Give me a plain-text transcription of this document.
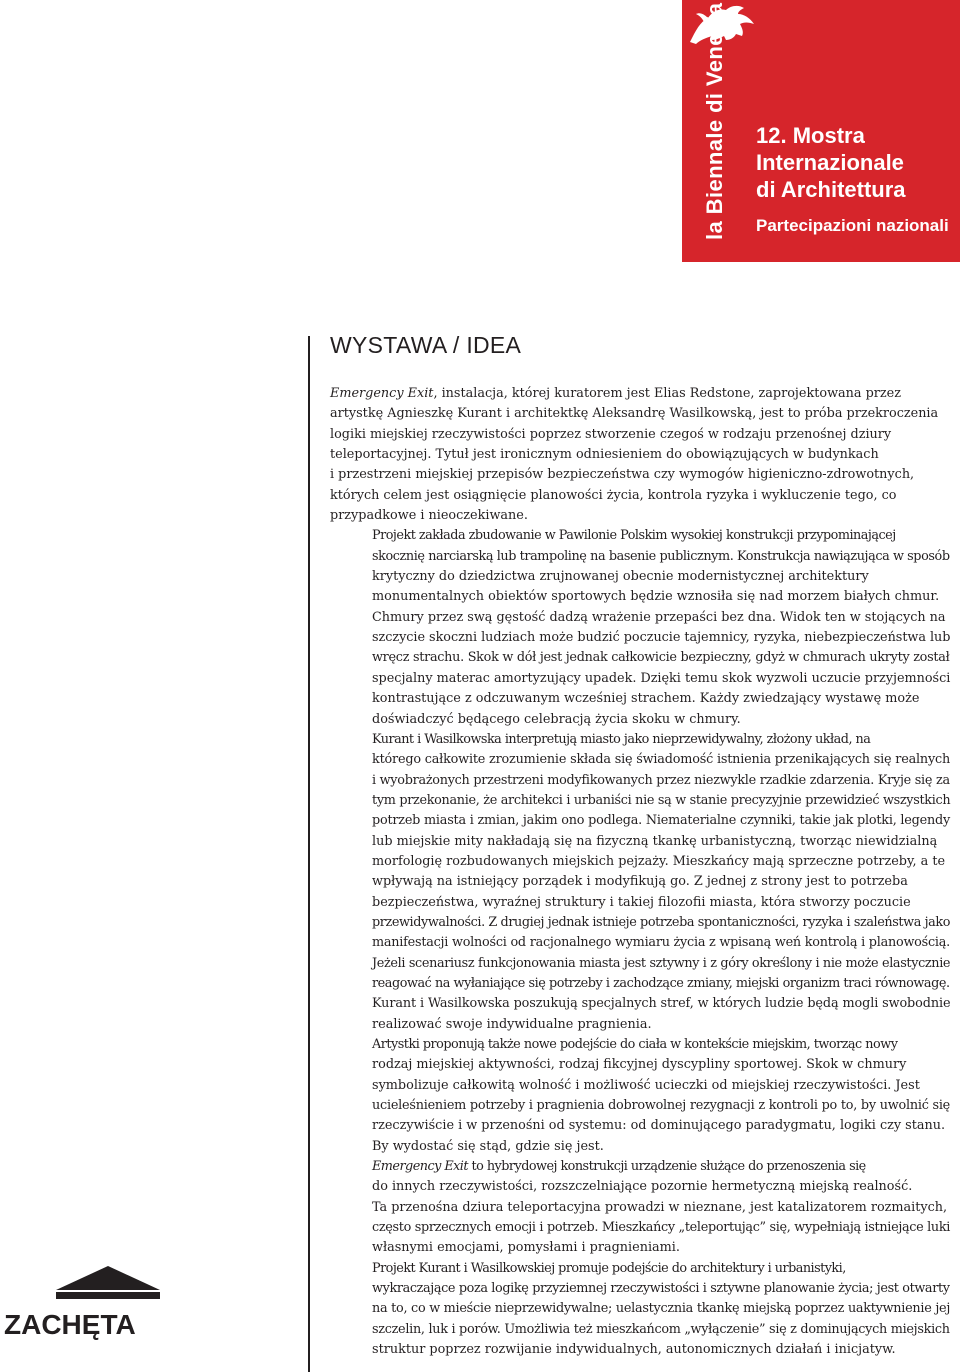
la Biennale di Venezia 12. Mostra
Internazionale
di Architettura
Partecipazioni nazionali
WYSTAWA / IDEA

Emergency Exit, instalacja, której kuratorem jest Elias Redstone, zaprojektowana przez
artystkę Agnieszkę Kurant i architektkę Aleksandrę Wasilkowską, jest to próba przekroczenia
logiki miejskiej rzeczywistości poprzez stworzenie czegoś w rodzaju przenośnej dziury
teleportacyjnej. Tytuł jest ironicznym odniesieniem do obowiązujących w budynkach
i przestrzeni miejskiej przepisów bezpieczeństwa czy wymogów higieniczno-zdrowotnych,
których celem jest osiągnięcie planowości życia, kontrola ryzyka i wykluczenie tego, co
przypadkowe i nieoczekiwane.

Projekt zakłada zbudowanie w Pawilonie Polskim wysokiej konstrukcji przypominającej
skocznię narciarską lub trampolinę na basenie publicznym. Konstrukcja nawiązująca w sposób
krytyczny do dziedzictwa zrujnowanej obecnie modernistycznej architektury
monumentalnych obiektów sportowych będzie wznosiła się nad morzem białych chmur.
Chmury przez swą gęstość dadzą wrażenie przepaści bez dna. Widok ten w stojących na
szczycie skoczni ludziach może budzić poczucie tajemnicy, ryzyka, niebezpieczeństwa lub
wręcz strachu. Skok w dół jest jednak całkowicie bezpieczny, gdyż w chmurach ukryty został
specjalny materac amortyzujący upadek. Dzięki temu skok wyzwoli uczucie przyjemności
kontrastujące z odczuwanym wcześniej strachem. Każdy zwiedzający wystawę może
doświadczyć będącego celebracją życia skoku w chmury.

Kurant i Wasilkowska interpretują miasto jako nieprzewidywalny, złożony układ, na
którego całkowite zrozumienie składa się świadomość istnienia przenikających się realnych
i wyobrażonych przestrzeni modyfikowanych przez niezwykle rzadkie zdarzenia. Kryje się za
tym przekonanie, że architekci i urbaniści nie są w stanie precyzyjnie przewidzieć wszystkich
potrzeb miasta i zmian, jakim ono podlega. Niematerialne czynniki, takie jak plotki, legendy
lub miejskie mity nakładają się na fizyczną tkankę urbanistyczną, tworząc niewidzialną
morfologię rozbudowanych miejskich pejzaży. Mieszkańcy mają sprzeczne potrzeby, a te
wpływają na istniejący porządek i modyfikują go. Z jednej z strony jest to potrzeba
bezpieczeństwa, wyraźnej struktury i takiej filozofii miasta, która stworzy poczucie
przewidywalności. Z drugiej jednak istnieje potrzeba spontaniczności, ryzyka i szaleństwa jako
manifestacji wolności od racjonalnego wymiaru życia z wpisaną weń kontrolą i planowością.
Jeżeli scenariusz funkcjonowania miasta jest sztywny i z góry określony i nie może elastycznie
reagować na wyłaniające się potrzeby i zachodzące zmiany, miejski organizm traci równowagę.
Kurant i Wasilkowska poszukują specjalnych stref, w których ludzie będą mogli swobodnie
realizować swoje indywidualne pragnienia.

Artystki proponują także nowe podejście do ciała w kontekście miejskim, tworząc nowy
rodzaj miejskiej aktywności, rodzaj fikcyjnej dyscypliny sportowej. Skok w chmury
symbolizuje całkowitą wolność i możliwość ucieczki od miejskiej rzeczywistości. Jest
ucieleśnieniem potrzeby i pragnienia dobrowolnej rezygnacji z kontroli po to, by uwolnić się
rzeczywiście i w przenośni od systemu: od dominującego paradygmatu, logiki czy stanu.
By wydostać się stąd, gdzie się jest.

Emergency Exit to hybrydowej konstrukcji urządzenie służące do przenoszenia się
do innych rzeczywistości, rozszczelniające pozornie hermetyczną miejską realność.
Ta przenośna dziura teleportacyjna prowadzi w nieznane, jest katalizatorem rozmaitych,
często sprzecznych emocji i potrzeb. Mieszkańcy „teleportując” się, wypełniają istniejące luki
własnymi emocjami, pomysłami i pragnieniami.

Projekt Kurant i Wasilkowskiej promuje podejście do architektury i urbanistyki,
wykraczające poza logikę przyziemnej rzeczywistości i sztywne planowanie życia; jest otwarty
na to, co w mieście nieprzewidywalne; uelastycznia tkankę miejską poprzez uaktywnienie jej
szczelin, luk i porów. Umożliwia też mieszkańcom „wyłączenie” się z dominujących miejskich
struktur poprzez rozwijanie indywidualnych, autonomicznych działań i inicjatyw.

ZACHĘTA
